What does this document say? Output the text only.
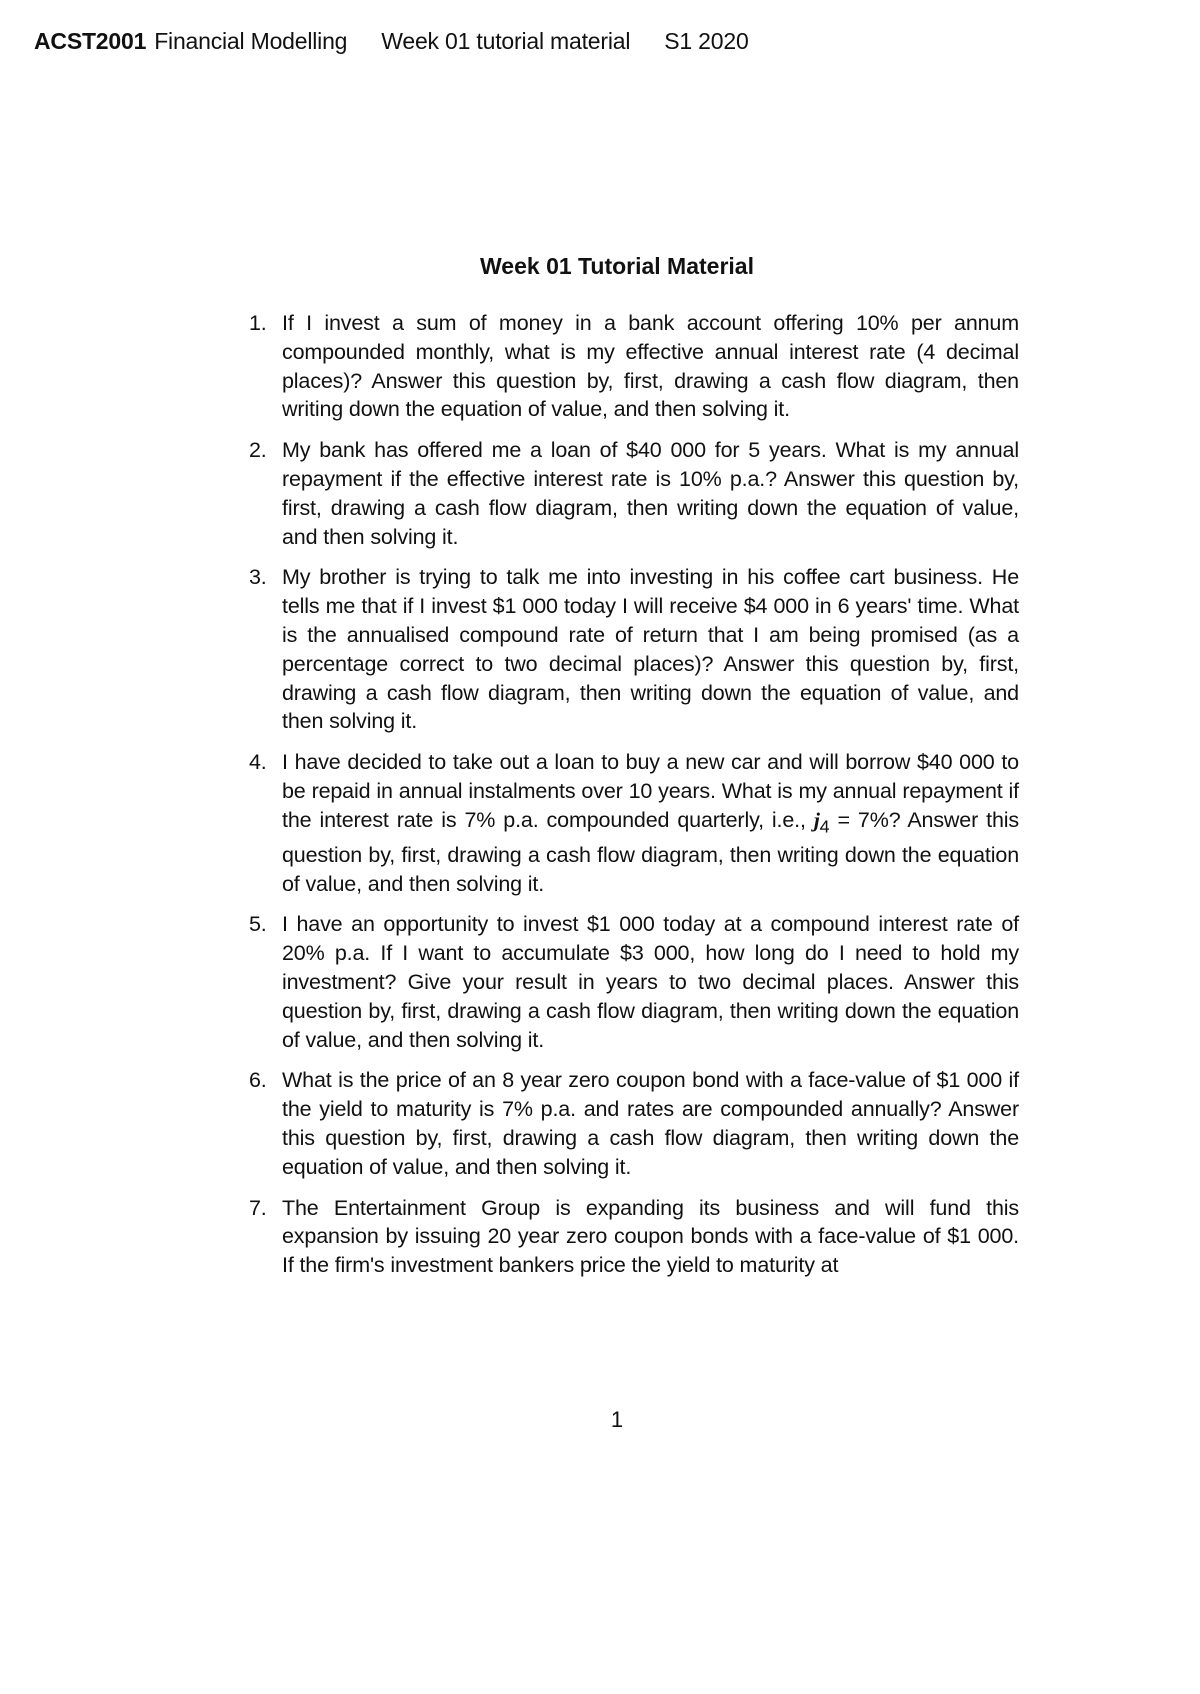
ACST2001 Financial Modelling Week 01 tutorial material S1 2020
Week 01 Tutorial Material
1. If I invest a sum of money in a bank account offering 10% per annum compounded monthly, what is my effective annual interest rate (4 decimal places)? Answer this question by, first, drawing a cash flow diagram, then writing down the equation of value, and then solving it.
2. My bank has offered me a loan of $40 000 for 5 years. What is my annual repayment if the effective interest rate is 10% p.a.? Answer this question by, first, drawing a cash flow diagram, then writing down the equation of value, and then solving it.
3. My brother is trying to talk me into investing in his coffee cart business. He tells me that if I invest $1 000 today I will receive $4 000 in 6 years' time. What is the annualised compound rate of return that I am being promised (as a percentage correct to two decimal places)? Answer this question by, first, drawing a cash flow diagram, then writing down the equation of value, and then solving it.
4. I have decided to take out a loan to buy a new car and will borrow $40 000 to be repaid in annual instalments over 10 years. What is my annual repayment if the interest rate is 7% p.a. compounded quarterly, i.e., $j_4 = 7\%$? Answer this question by, first, drawing a cash flow diagram, then writing down the equation of value, and then solving it.
5. I have an opportunity to invest $1 000 today at a compound interest rate of 20% p.a. If I want to accumulate $3 000, how long do I need to hold my investment? Give your result in years to two decimal places. Answer this question by, first, drawing a cash flow diagram, then writing down the equation of value, and then solving it.
6. What is the price of an 8 year zero coupon bond with a face-value of $1 000 if the yield to maturity is 7% p.a. and rates are compounded annually? Answer this question by, first, drawing a cash flow diagram, then writing down the equation of value, and then solving it.
7. The Entertainment Group is expanding its business and will fund this expansion by issuing 20 year zero coupon bonds with a face-value of $1 000. If the firm's investment bankers price the yield to maturity at
1
